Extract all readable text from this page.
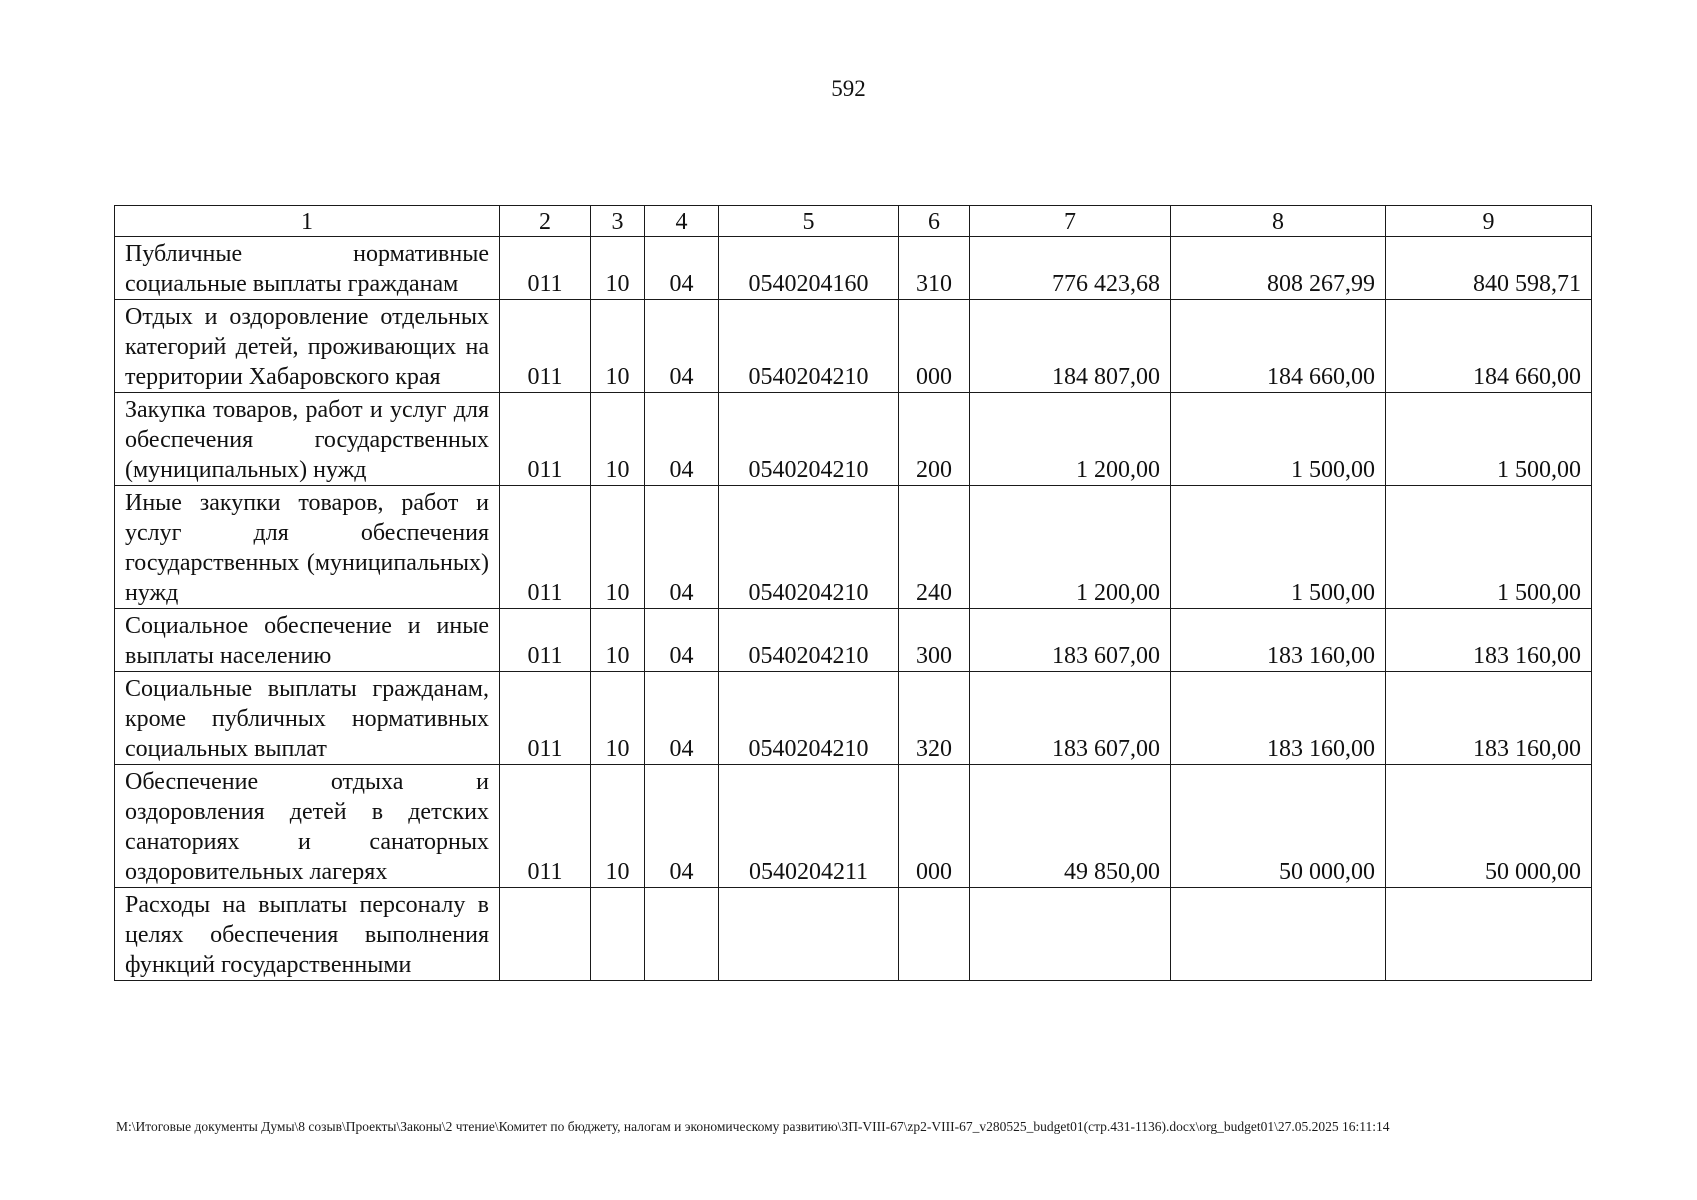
592
1	2	3	4	5	6	7	8	9
Публичные нормативные социальные выплаты гражданам	011	10	04	0540204160	310	776 423,68	808 267,99	840 598,71
Отдых и оздоровление отдельных категорий детей, проживающих на территории Хабаровского края	011	10	04	0540204210	000	184 807,00	184 660,00	184 660,00
Закупка товаров, работ и услуг для обеспечения государственных (муниципальных) нужд	011	10	04	0540204210	200	1 200,00	1 500,00	1 500,00
Иные закупки товаров, работ и услуг для обеспечения государственных (муниципальных) нужд	011	10	04	0540204210	240	1 200,00	1 500,00	1 500,00
Социальное обеспечение и иные выплаты населению	011	10	04	0540204210	300	183 607,00	183 160,00	183 160,00
Социальные выплаты гражданам, кроме публичных нормативных социальных выплат	011	10	04	0540204210	320	183 607,00	183 160,00	183 160,00
Обеспечение отдыха и оздоровления детей в детских санаториях и санаторных оздоровительных лагерях	011	10	04	0540204211	000	49 850,00	50 000,00	50 000,00
Расходы на выплаты персоналу в целях обеспечения выполнения функций государственными								
M:\Итоговые документы Думы\8 созыв\Проекты\Законы\2 чтение\Комитет по бюджету, налогам и экономическому развитию\ЗП-VIII-67\zp2-VIII-67_v280525_budget01(стр.431-1136).docx\org_budget01\27.05.2025 16:11:14
